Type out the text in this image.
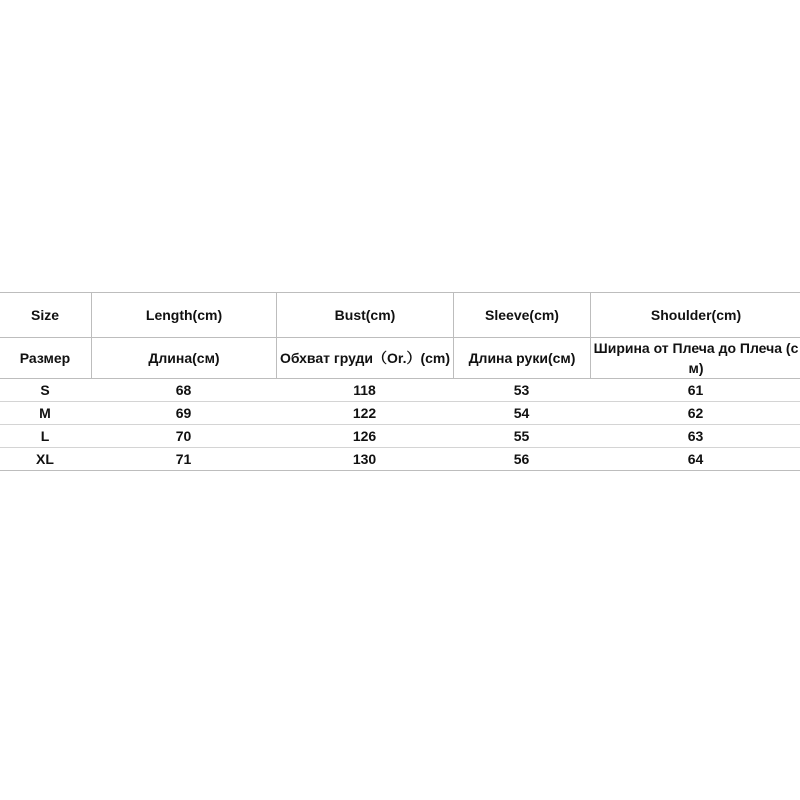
Size	Length(cm)	Bust(cm)	Sleeve(cm)	Shoulder(cm)
Размер	Длина(см)	Обхват груди（Or.）(cm)	Длина руки(см)	Ширина от Плеча до Плеча (см)
S	68	118	53	61
M	69	122	54	62
L	70	126	55	63
XL	71	130	56	64
